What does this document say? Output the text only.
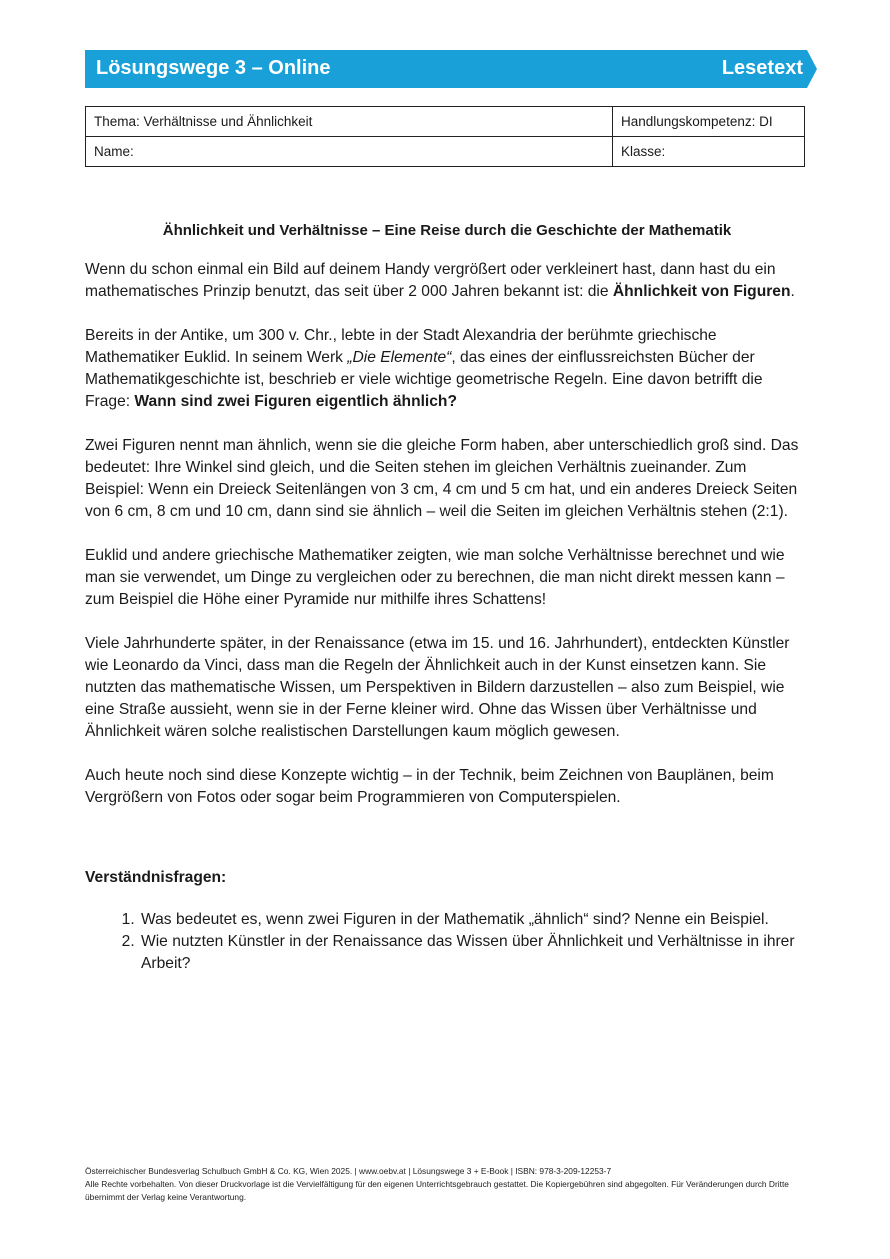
Lösungswege 3 – Online	Lesetext
Thema: Verhältnisse und Ähnlichkeit	Handlungskompetenz: DI
Name:	Klasse:
Ähnlichkeit und Verhältnisse – Eine Reise durch die Geschichte der Mathematik

Wenn du schon einmal ein Bild auf deinem Handy vergrößert oder verkleinert hast, dann hast du ein mathematisches Prinzip benutzt, das seit über 2 000 Jahren bekannt ist: die Ähnlichkeit von Figuren.

Bereits in der Antike, um 300 v. Chr., lebte in der Stadt Alexandria der berühmte griechische Mathematiker Euklid. In seinem Werk „Die Elemente“, das eines der einflussreichsten Bücher der Mathematikgeschichte ist, beschrieb er viele wichtige geometrische Regeln. Eine davon betrifft die Frage: Wann sind zwei Figuren eigentlich ähnlich?

Zwei Figuren nennt man ähnlich, wenn sie die gleiche Form haben, aber unterschiedlich groß sind. Das bedeutet: Ihre Winkel sind gleich, und die Seiten stehen im gleichen Verhältnis zueinander. Zum Beispiel: Wenn ein Dreieck Seitenlängen von 3 cm, 4 cm und 5 cm hat, und ein anderes Dreieck Seiten von 6 cm, 8 cm und 10 cm, dann sind sie ähnlich – weil die Seiten im gleichen Verhältnis stehen (2:1).

Euklid und andere griechische Mathematiker zeigten, wie man solche Verhältnisse berechnet und wie man sie verwendet, um Dinge zu vergleichen oder zu berechnen, die man nicht direkt messen kann – zum Beispiel die Höhe einer Pyramide nur mithilfe ihres Schattens!

Viele Jahrhunderte später, in der Renaissance (etwa im 15. und 16. Jahrhundert), entdeckten Künstler wie Leonardo da Vinci, dass man die Regeln der Ähnlichkeit auch in der Kunst einsetzen kann. Sie nutzten das mathematische Wissen, um Perspektiven in Bildern darzustellen – also zum Beispiel, wie eine Straße aussieht, wenn sie in der Ferne kleiner wird. Ohne das Wissen über Verhältnisse und Ähnlichkeit wären solche realistischen Darstellungen kaum möglich gewesen.

Auch heute noch sind diese Konzepte wichtig – in der Technik, beim Zeichnen von Bauplänen, beim Vergrößern von Fotos oder sogar beim Programmieren von Computerspielen.

Verständnisfragen:
1. Was bedeutet es, wenn zwei Figuren in der Mathematik „ähnlich“ sind? Nenne ein Beispiel.
2. Wie nutzten Künstler in der Renaissance das Wissen über Ähnlichkeit und Verhältnisse in ihrer Arbeit?
Österreichischer Bundesverlag Schulbuch GmbH & Co. KG, Wien 2025. | www.oebv.at | Lösungswege 3 + E-Book | ISBN: 978-3-209-12253-7
Alle Rechte vorbehalten. Von dieser Druckvorlage ist die Vervielfältigung für den eigenen Unterrichtsgebrauch gestattet. Die Kopiergebühren sind abgegolten. Für Veränderungen durch Dritte übernimmt der Verlag keine Verantwortung.
